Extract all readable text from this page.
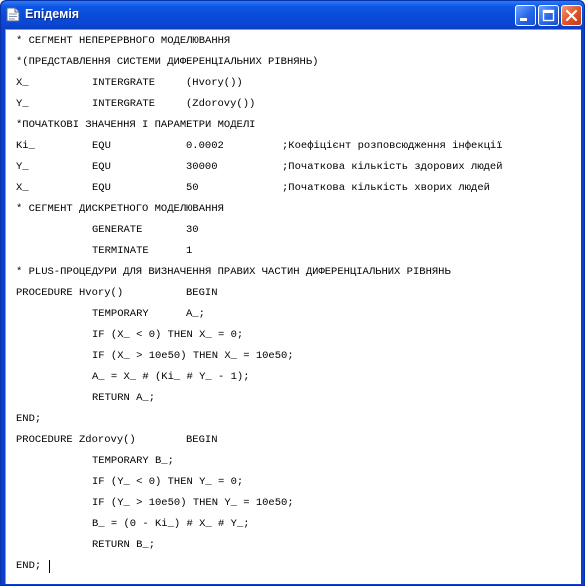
Епідемія
* СЕГМЕНТ НЕПЕРЕРВНОГО МОДЕЛЮВАННЯ
*(ПРЕДСТАВЛЕННЯ СИСТЕМИ ДИФЕРЕНЦІАЛЬНИХ РІВНЯНЬ)
X_	INTERGRATE	(Hvory())
Y_	INTERGRATE	(Zdorovy())
*ПОЧАТКОВІ ЗНАЧЕННЯ І ПАРАМЕТРИ МОДЕЛІ
Ki_	EQU	0.0002	;Коефіцієнт розповсюдження інфекції
Y_	EQU	30000	;Початкова кількість здорових людей
X_	EQU	50	;Початкова кількість хворих людей
* СЕГМЕНТ ДИСКРЕТНОГО МОДЕЛЮВАННЯ
GENERATE	30
TERMINATE	1
* PLUS-ПРОЦЕДУРИ ДЛЯ ВИЗНАЧЕННЯ ПРАВИХ ЧАСТИН ДИФЕРЕНЦІАЛЬНИХ РІВНЯНЬ
PROCEDURE Hvory()	BEGIN
TEMPORARY	A_;
IF (X_ < 0) THEN X_ = 0;
IF (X_ > 10e50) THEN X_ = 10e50;
A_ = X_ # (Ki_ # Y_ - 1);
RETURN A_;
END;
PROCEDURE Zdorovy()	BEGIN
TEMPORARY B_;
IF (Y_ < 0) THEN Y_ = 0;
IF (Y_ > 10e50) THEN Y_ = 10e50;
B_ = (0 - Ki_) # X_ # Y_;
RETURN B_;
END;
